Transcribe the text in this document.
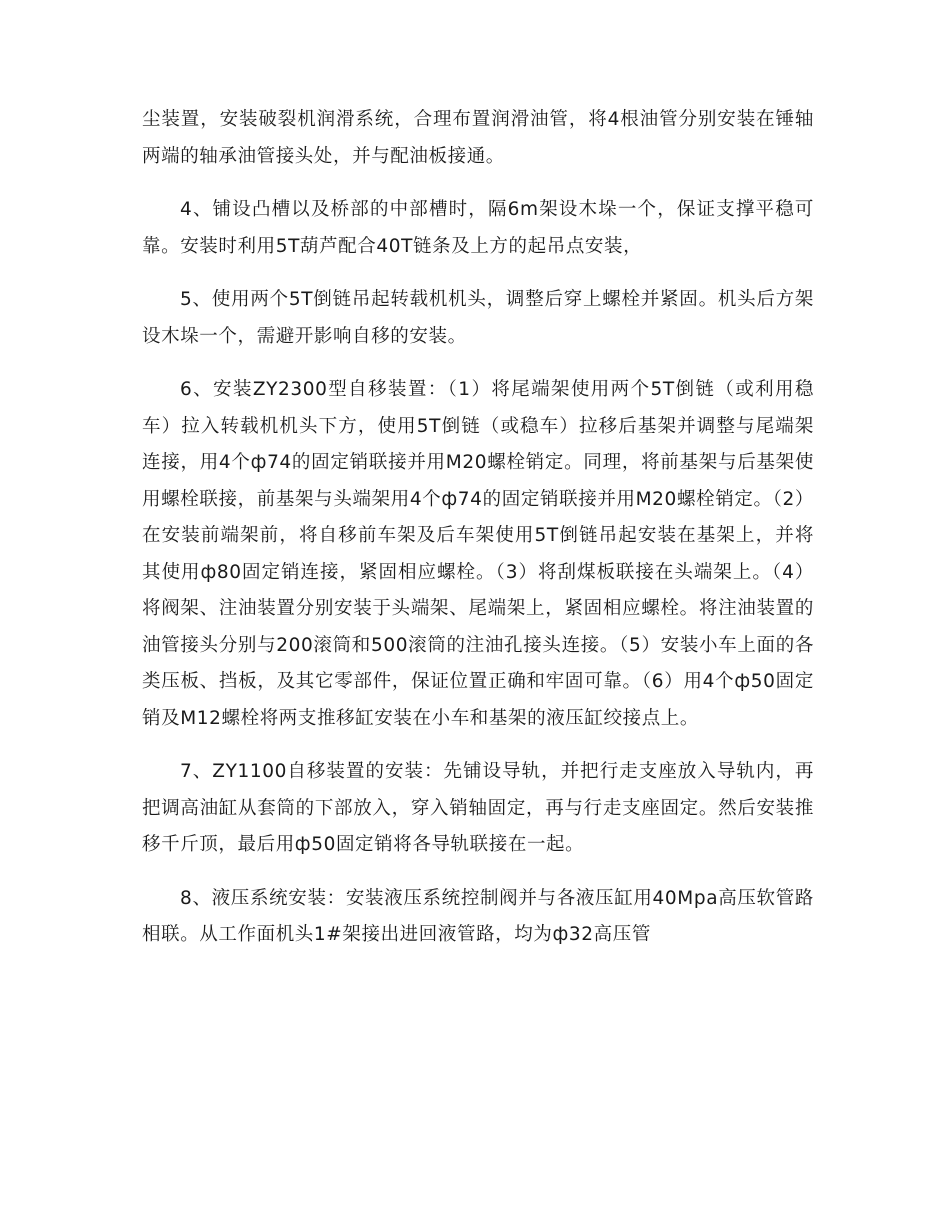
尘装置，安装破裂机润滑系统，合理布置润滑油管，将4根油管分别安装在锤轴两端的轴承油管接头处，并与配油板接通。

4、铺设凸槽以及桥部的中部槽时，隔6m架设木垛一个，保证支撑平稳可靠。安装时利用5T葫芦配合40T链条及上方的起吊点安装，

5、使用两个5T倒链吊起转载机机头，调整后穿上螺栓并紧固。机头后方架设木垛一个，需避开影响自移的安装。

6、安装ZY2300型自移装置：（1）将尾端架使用两个5T倒链（或利用稳车）拉入转载机机头下方，使用5T倒链（或稳车）拉移后基架并调整与尾端架连接，用4个ф74的固定销联接并用M20螺栓销定。同理，将前基架与后基架使用螺栓联接，前基架与头端架用4个ф74的固定销联接并用M20螺栓销定。（2）在安装前端架前，将自移前车架及后车架使用5T倒链吊起安装在基架上，并将其使用ф80固定销连接，紧固相应螺栓。（3）将刮煤板联接在头端架上。（4）将阀架、注油装置分别安装于头端架、尾端架上，紧固相应螺栓。将注油装置的油管接头分别与200滚筒和500滚筒的注油孔接头连接。（5）安装小车上面的各类压板、挡板，及其它零部件，保证位置正确和牢固可靠。（6）用4个ф50固定销及M12螺栓将两支推移缸安装在小车和基架的液压缸绞接点上。

7、ZY1100自移装置的安装：先铺设导轨，并把行走支座放入导轨内，再把调高油缸从套筒的下部放入，穿入销轴固定，再与行走支座固定。然后安装推移千斤顶，最后用ф50固定销将各导轨联接在一起。

8、液压系统安装：安装液压系统控制阀并与各液压缸用40Mpa高压软管路相联。从工作面机头1#架接出进回液管路，均为ф32高压管
